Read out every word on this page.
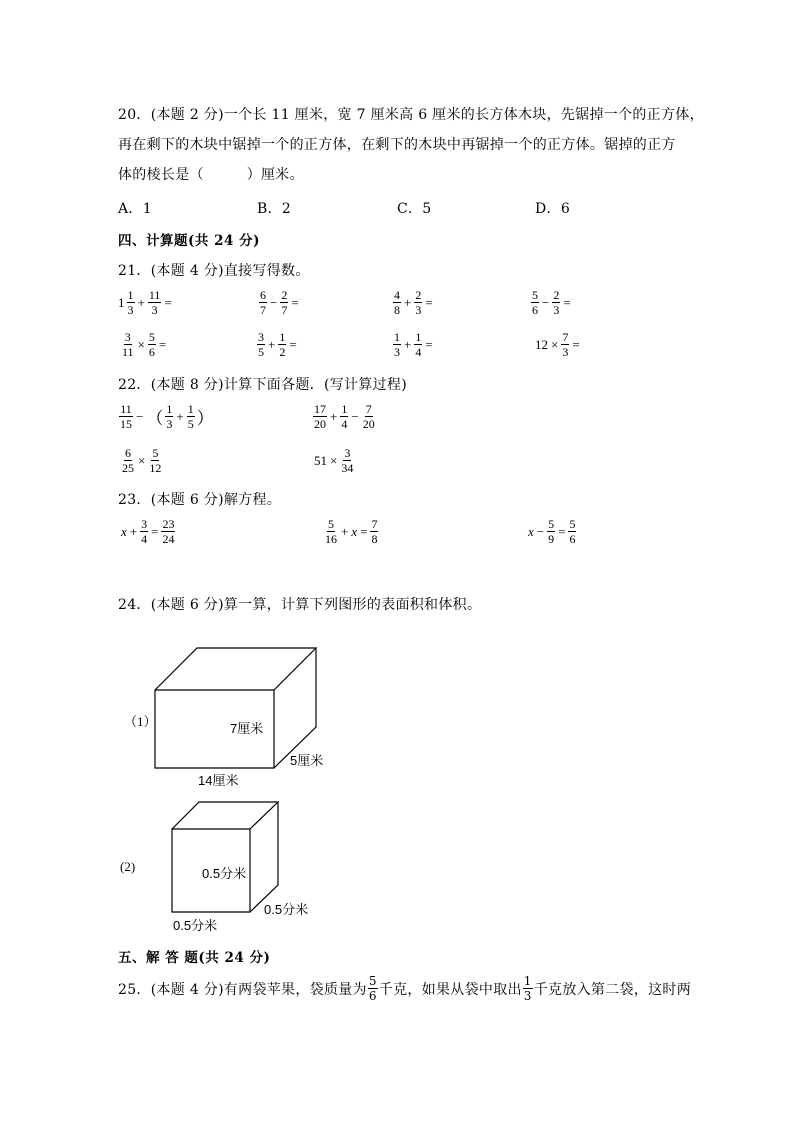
20．(本题 2 分)一个长 11 厘米，宽 7 厘米高 6 厘米的长方体木块，先锯掉一个的正方体，
再在剩下的木块中锯掉一个的正方体，在剩下的木块中再锯掉一个的正方体。锯掉的正方
体的棱长是（　　　）厘米。
A．1	B．2	C．5	D．6
四、计算题(共 24 分)
21．(本题 4 分)直接写得数。
$1 \frac{1}{3} + \frac{11}{3}$ =	$\frac{6}{7} - \frac{2}{7}$ =	$\frac{4}{8} + \frac{2}{3}$ =	$\frac{5}{6} - \frac{2}{3}$ =
$\frac{3}{11} \times \frac{5}{6}$ =	$\frac{3}{5} + \frac{1}{2}$ =	$\frac{1}{3} + \frac{1}{4}$ =	$12 \times \frac{7}{3}$ =
22．(本题 8 分)计算下面各题．(写计算过程)
$\frac{11}{15}$ − （ $\frac{1}{3} + \frac{1}{5}$ ）	$\frac{17}{20} + \frac{1}{4} - \frac{7}{20}$
$\frac{6}{25} \times \frac{5}{12}$	$51 \times \frac{3}{34}$
23．(本题 6 分)解方程。
$x + \frac{3}{4} = \frac{23}{24}$	$\frac{5}{16} + x = \frac{7}{8}$	$x - \frac{5}{9} = \frac{5}{6}$
24．(本题 6 分)算一算，计算下列图形的表面积和体积。
（1）	7厘米
5厘米
14厘米
(2)	0.5分米
0.5分米
0.5分米
五、解 答 题(共 24 分)
25．(本题 4 分)有两袋苹果，袋质量为 $\frac{5}{6}$ 千克，如果从袋中取出 $\frac{1}{3}$ 千克放入第二袋，这时两
